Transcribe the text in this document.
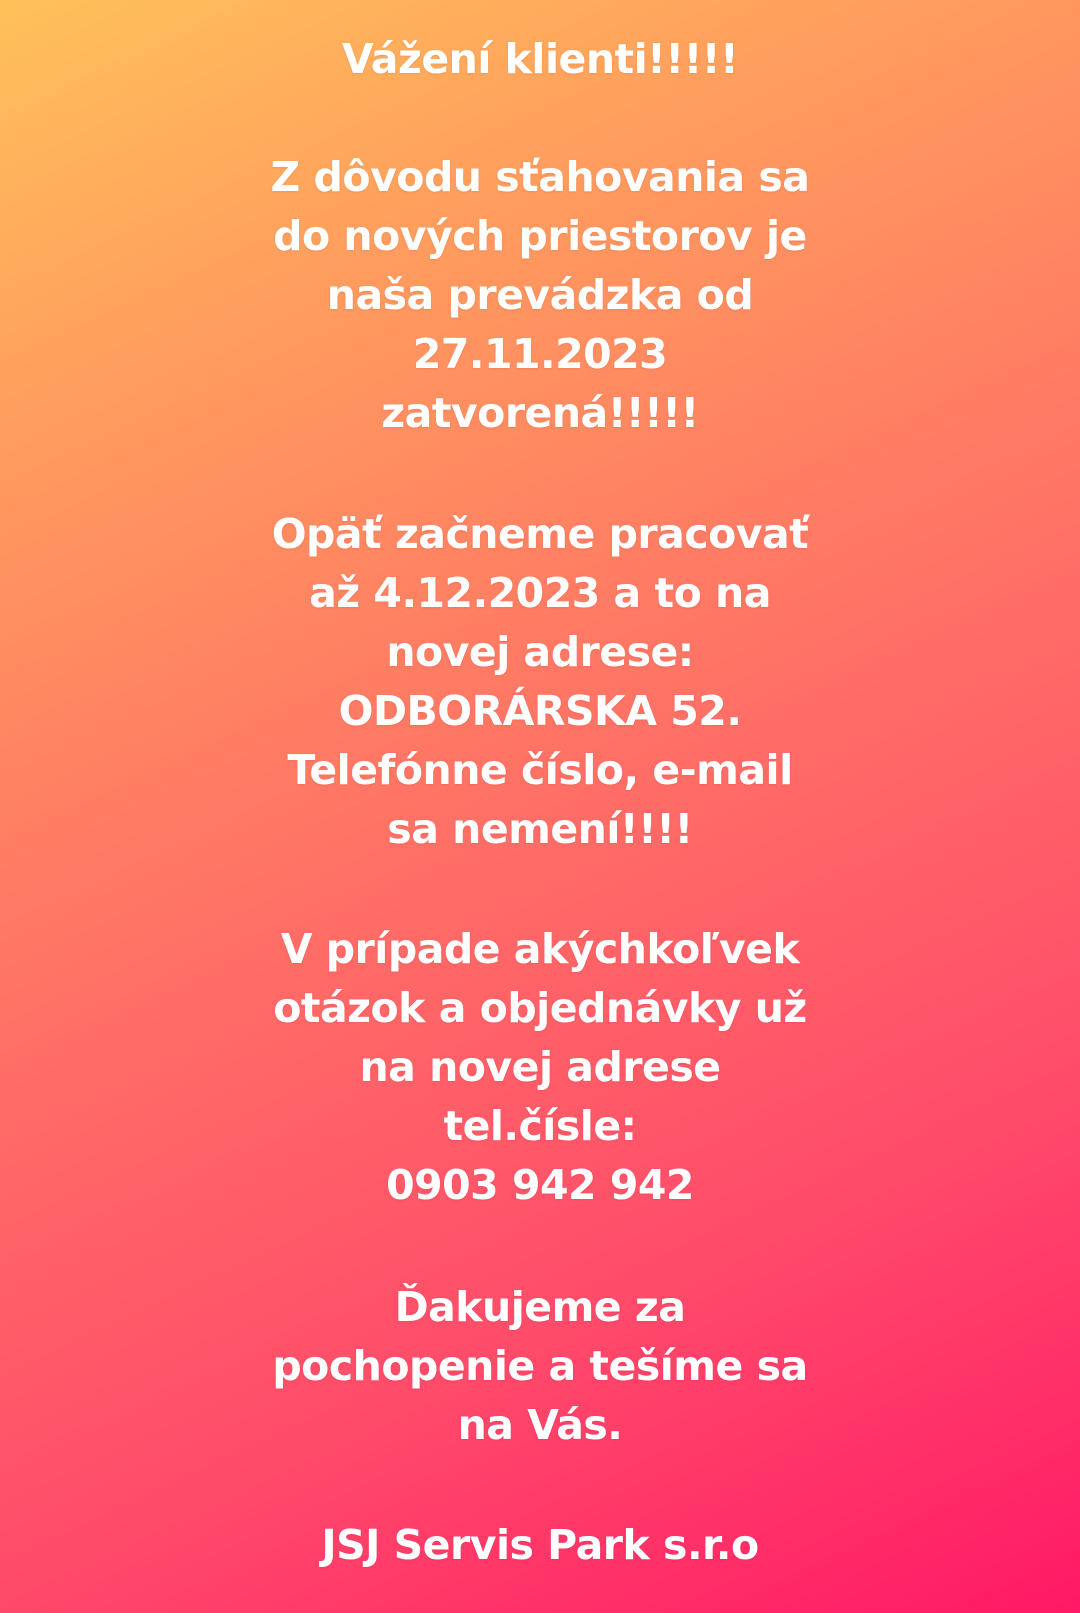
Vážení klienti!!!!!
Z dôvodu sťahovania sa
do nových priestorov je
naša prevádzka od
27.11.2023
zatvorená!!!!!
Opäť začneme pracovať
až 4.12.2023 a to na
novej adrese:
ODBORÁRSKA 52.
Telefónne číslo, e-mail
sa nemení!!!!
V prípade akýchkoľvek
otázok a objednávky už
na novej adrese
tel.čísle:
0903 942 942
Ďakujeme za
pochopenie a tešíme sa
na Vás.
JSJ Servis Park s.r.o
